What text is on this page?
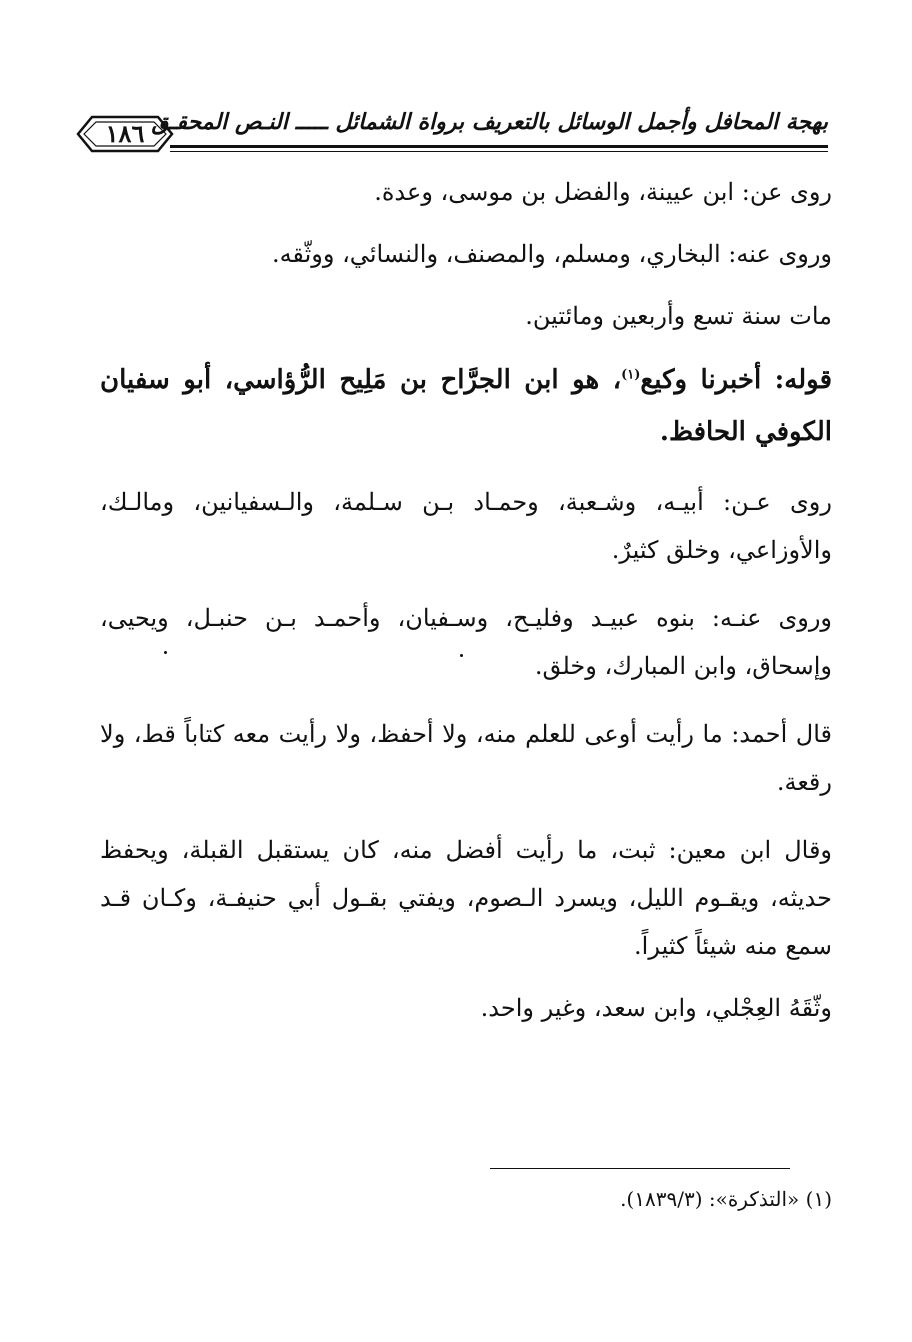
١٨٦ بهجة المحافل وأجمل الوسائل بالتعريف برواة الشمائل ـــــ النـص المحقـق

روى عن: ابن عيينة، والفضل بن موسى، وعدة.

وروى عنه: البخاري، ومسلم، والمصنف، والنسائي، ووثّقه.

مات سنة تسع وأربعين ومائتين.

قوله: أخبرنا وكيع$^{(١)}$، هو ابن الجرَّاح بن مَلِيح الرُّؤاسي، أبو سفيان الكوفي الحافظ.

روى عـن: أبيـه، وشـعبة، وحمـاد بـن سـلمة، والـسفيانين، ومالـك، والأوزاعي، وخلق كثيرٌ.

وروى عنـه: بنوه عبيـد وفليـح، وسـفيان، وأحمـد بـن حنبـل، ويحيى، وإسحاق، وابن المبارك، وخلق.

قال أحمد: ما رأيت أوعى للعلم منه، ولا أحفظ، ولا رأيت معه كتاباً قط، ولا رقعة.

وقال ابن معين: ثبت، ما رأيت أفضل منه، كان يستقبل القبلة، ويحفظ حديثه، ويقـوم الليل، ويسرد الـصوم، ويفتي بقـول أبي حنيفـة، وكـان قـد سمع منه شيئاً كثيراً.

وثّقَهُ العِجْلي، وابن سعد، وغير واحد.

(١) «التذكرة»: (١٨٣٩/٣).
